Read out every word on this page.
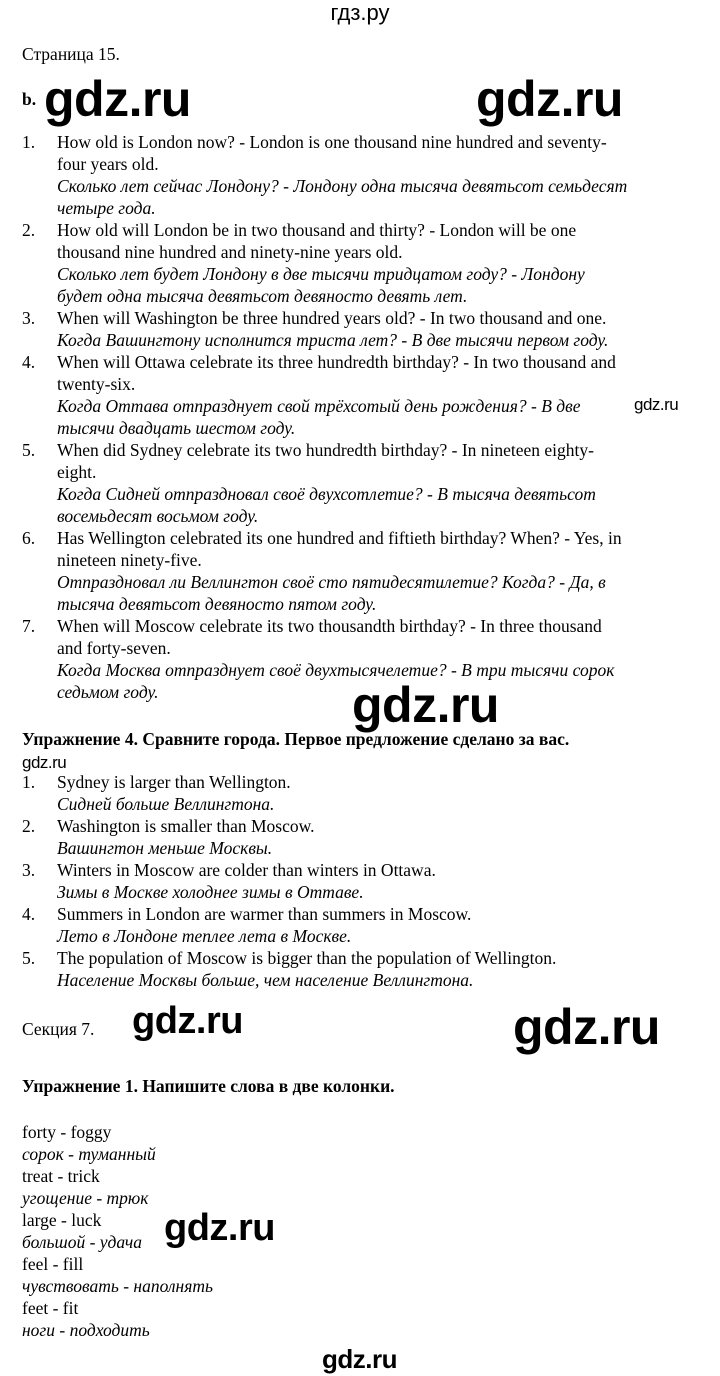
гдз.ру
Страница 15.
b. gdz.ru	gdz.ru
gdz.ru
gdz.ru
gdz.ru
gdz.ru	gdz.ru
gdz.ru
gdz.ru
1. How old is London now? - London is one thousand nine hundred and seventy-
four years old.
Сколько лет сейчас Лондону? - Лондону одна тысяча девятьсот семьдесят
четыре года.
2. How old will London be in two thousand and thirty? - London will be one
thousand nine hundred and ninety-nine years old.
Сколько лет будет Лондону в две тысячи тридцатом году? - Лондону
будет одна тысяча девятьсот девяносто девять лет.
3. When will Washington be three hundred years old? - In two thousand and one.
Когда Вашингтону исполнится триста лет? - В две тысячи первом году.
4. When will Ottawa celebrate its three hundredth birthday? - In two thousand and
twenty-six.
Когда Оттава отпразднует свой трёхсотый день рождения? - В две
тысячи двадцать шестом году.
5. When did Sydney celebrate its two hundredth birthday? - In nineteen eighty-
eight.
Когда Сидней отпраздновал своё двухсотлетие? - В тысяча девятьсот
восемьдесят восьмом году.
6. Has Wellington celebrated its one hundred and fiftieth birthday? When? - Yes, in
nineteen ninety-five.
Отпраздновал ли Веллингтон своё сто пятидесятилетие? Когда? - Да, в
тысяча девятьсот девяносто пятом году.
7. When will Moscow celebrate its two thousandth birthday? - In three thousand
and forty-seven.
Когда Москва отпразднует своё двухтысячелетие? - В три тысячи сорок
седьмом году.
Упражнение 4. Сравните города. Первое предложение сделано за вас.
1. Sydney is larger than Wellington.
Сидней больше Веллингтона.
2. Washington is smaller than Moscow.
Вашингтон меньше Москвы.
3. Winters in Moscow are colder than winters in Ottawa.
Зимы в Москве холоднее зимы в Оттаве.
4. Summers in London are warmer than summers in Moscow.
Лето в Лондоне теплее лета в Москве.
5. The population of Moscow is bigger than the population of Wellington.
Население Москвы больше, чем население Веллингтона.
Секция 7.
Упражнение 1. Напишите слова в две колонки.
forty - foggy
сорок - туманный
treat - trick
угощение - трюк
large - luck
большой - удача
feel - fill
чувствовать - наполнять
feet - fit
ноги - подходить
